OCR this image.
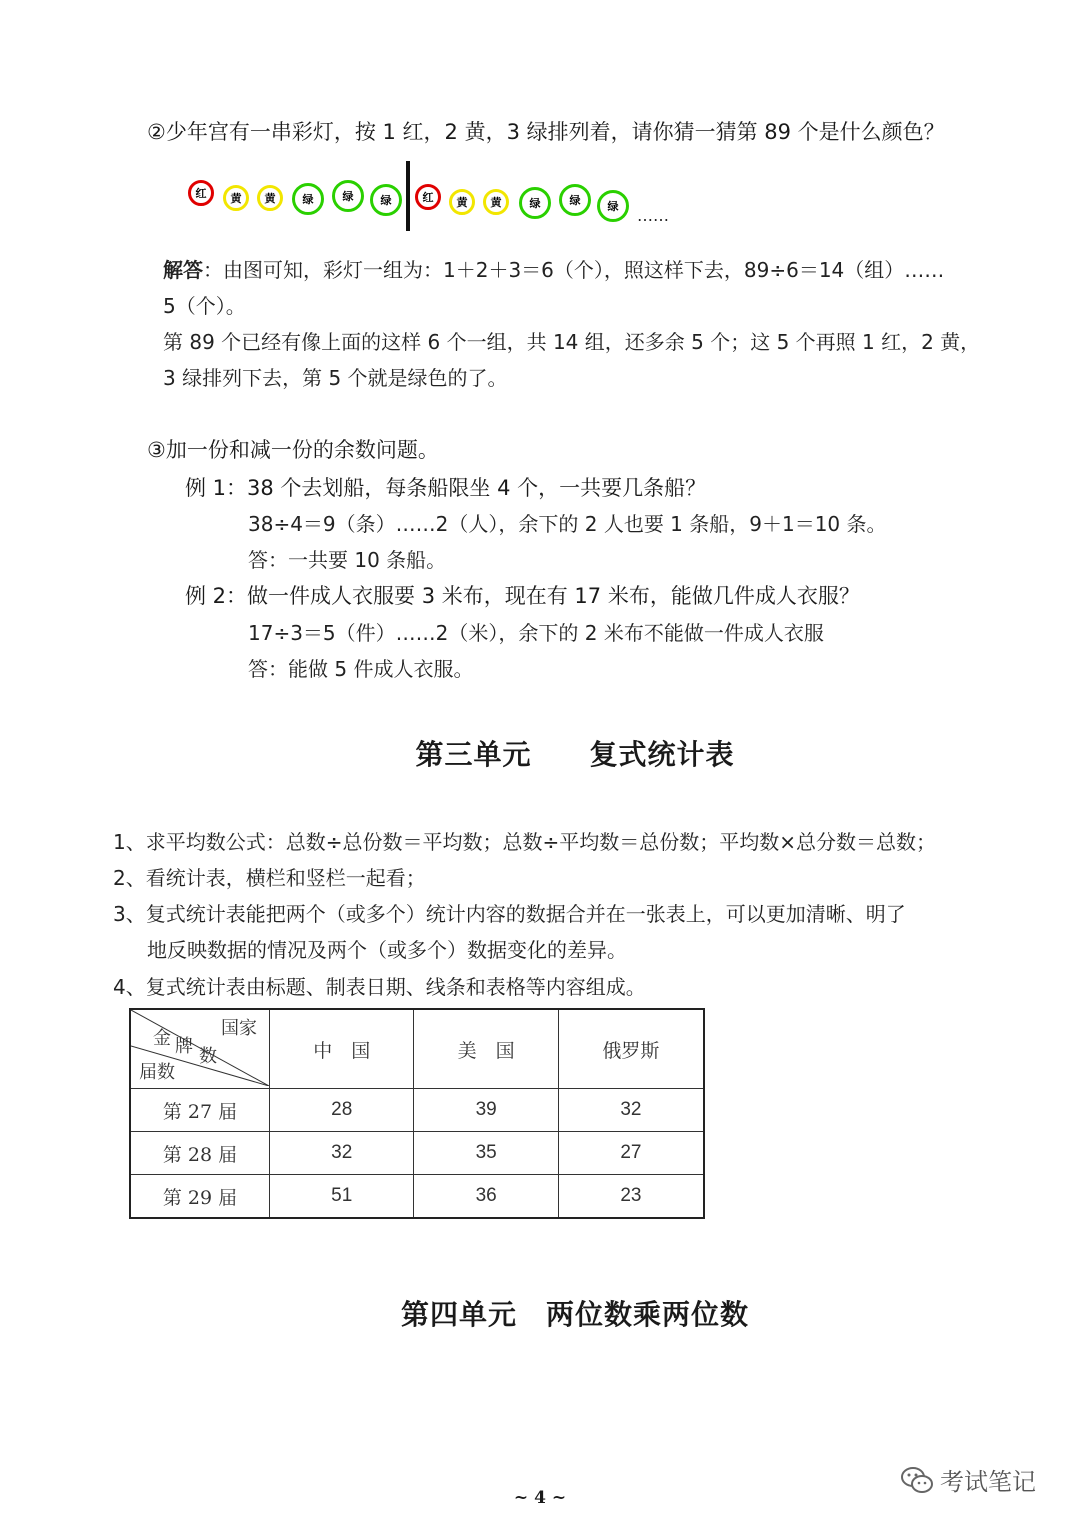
②少年宫有一串彩灯，按 1 红，2 黄，3 绿排列着，请你猜一猜第 89 个是什么颜色？
红	黄	黄	绿	绿	绿	红	黄	黄	绿	绿	绿	……
解答：由图可知，彩灯一组为：1＋2＋3＝6（个），照这样下去，89÷6＝14（组）……
5（个）。
第 89 个已经有像上面的这样 6 个一组，共 14 组，还多余 5 个；这 5 个再照 1 红，2 黄，
3 绿排列下去，第 5 个就是绿色的了。
③加一份和减一份的余数问题。
例 1：38 个去划船，每条船限坐 4 个，一共要几条船？
38÷4＝9（条）……2（人），余下的 2 人也要 1 条船，9＋1＝10 条。
答：一共要 10 条船。
例 2：做一件成人衣服要 3 米布，现在有 17 米布，能做几件成人衣服？
17÷3＝5（件）……2（米），余下的 2 米布不能做一件成人衣服
答：能做 5 件成人衣服。
第三单元　　复式统计表
1、求平均数公式：总数÷总份数＝平均数；总数÷平均数＝总份数；平均数×总分数＝总数；
2、看统计表，横栏和竖栏一起看；
3、复式统计表能把两个（或多个）统计内容的数据合并在一张表上，可以更加清晰、明了
地反映数据的情况及两个（或多个）数据变化的差异。
4、复式统计表由标题、制表日期、线条和表格等内容组成。
国家
金 牌 数
届数	中　国	美　国	俄罗斯
第 27 届	28	39	32
第 28 届	32	35	27
第 29 届	51	36	23
第四单元　两位数乘两位数
考试笔记
~ 4 ~
